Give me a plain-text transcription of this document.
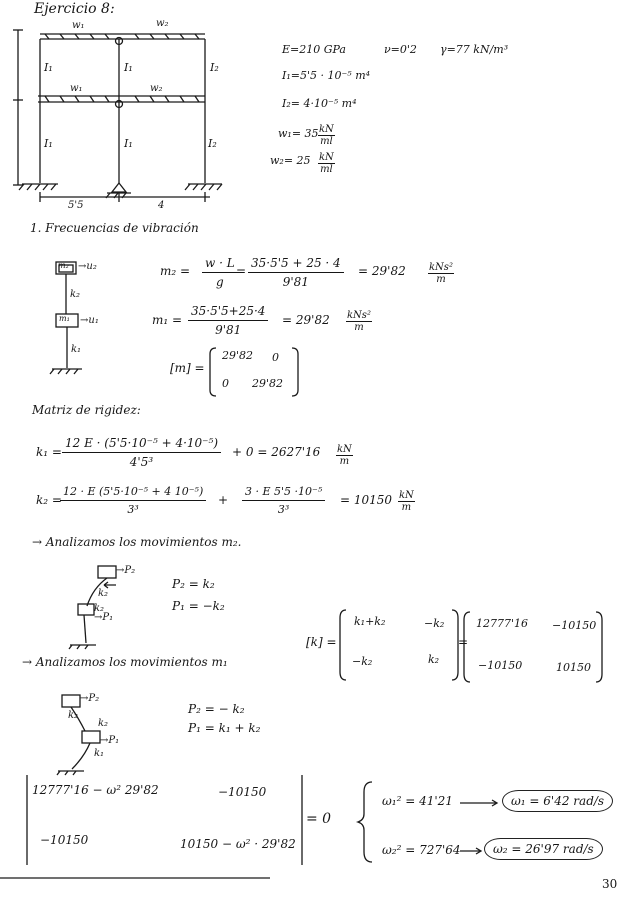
Ejercicio 8:
w₁	w₂
w₁	w₂
I₁	I₁	I₂
I₁	I₁	I₂
5'5	4
E=210 GPa	ν=0'2 γ=77 kN/m³
I₁=5'5 · 10⁻⁵ m⁴
I₂= 4·10⁻⁵ m⁴
$w_1= 35 \frac{kN}{ml}$
$w_2= 25 \frac{kN}{ml}$
1. Frecuencias de vibración
m₂ →u₂
k₂
m₁ →u₁
k₁
$m_2 = \frac{w \cdot L}{g}$
= $\frac{35\cdot 5'5 + 25 \cdot 4}{9'81} = 29'82$ kNs²
m
$m_1 = \frac{35\cdot 5'5+25\cdot 4}{9'81} = 29'82$ kNs²
m
[m] =
29'82 0
0 29'82
Matriz de rigidez:
$k_1 = \frac{\text{12 E · (5'5·10⁻⁵ + 4·10⁻⁵)}}{\text{4'5³}} + 0 = 2627'16 \frac{kN}{m}$
k₂ =
$\frac{\text{12 · E (5'5·10⁻⁵ + 4 10⁻⁵)}}{\text{3³}} + \frac{\text{3 · E 5'5 ·10⁻⁵}}{\text{3³}} = 10150 \frac{kN}{m}$
→ Analizamos los movimientos m₂.
→P₂
k₂
k₂
→P₁
P₂ = k₂
P₁ = −k₂
[k] =
k₁+k₂	−k₂
−k₂	k₂
=
12777'16 −10150
−10150	10150
→ Analizamos los movimientos m₁
→P₂
k₂
k₂
→P₁
k₁
P₂ = − k₂
P₁ = k₁ + k₂
12777'16 − ω² 29'82	−10150
−10150	10150 − ω² · 29'82
= 0
ω₁² = 41'21	ω₁ = 6'42 rad/s
ω₂² = 727'64	ω₂ = 26'97 rad/s
30
